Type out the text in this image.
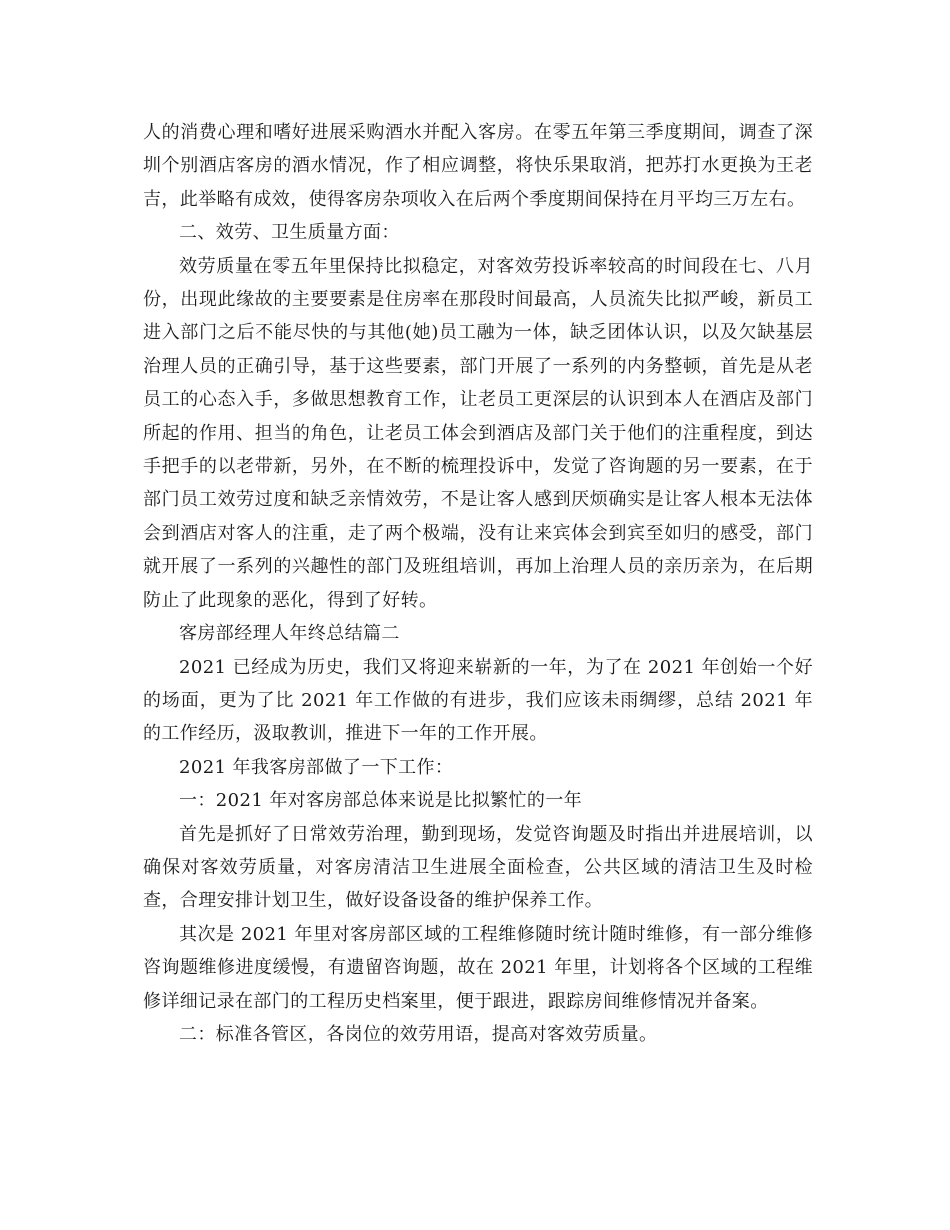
人的消费心理和嗜好进展采购酒水并配入客房。在零五年第三季度期间，调查了深圳个别酒店客房的酒水情况，作了相应调整，将快乐果取消，把苏打水更换为王老吉，此举略有成效，使得客房杂项收入在后两个季度期间保持在月平均三万左右。

二、效劳、卫生质量方面：

效劳质量在零五年里保持比拟稳定，对客效劳投诉率较高的时间段在七、八月份，出现此缘故的主要要素是住房率在那段时间最高，人员流失比拟严峻，新员工进入部门之后不能尽快的与其他(她)员工融为一体，缺乏团体认识，以及欠缺基层治理人员的正确引导，基于这些要素，部门开展了一系列的内务整顿，首先是从老员工的心态入手，多做思想教育工作，让老员工更深层的认识到本人在酒店及部门所起的作用、担当的角色，让老员工体会到酒店及部门关于他们的注重程度，到达手把手的以老带新，另外，在不断的梳理投诉中，发觉了咨询题的另一要素，在于部门员工效劳过度和缺乏亲情效劳，不是让客人感到厌烦确实是让客人根本无法体会到酒店对客人的注重，走了两个极端，没有让来宾体会到宾至如归的感受，部门就开展了一系列的兴趣性的部门及班组培训，再加上治理人员的亲历亲为，在后期防止了此现象的恶化，得到了好转。

客房部经理人年终总结篇二

2021 已经成为历史，我们又将迎来崭新的一年，为了在 2021 年创始一个好的场面，更为了比 2021 年工作做的有进步，我们应该未雨绸缪，总结 2021 年的工作经历，汲取教训，推进下一年的工作开展。

2021 年我客房部做了一下工作：

一：2021 年对客房部总体来说是比拟繁忙的一年

首先是抓好了日常效劳治理，勤到现场，发觉咨询题及时指出并进展培训，以确保对客效劳质量，对客房清洁卫生进展全面检查，公共区域的清洁卫生及时检查，合理安排计划卫生，做好设备设备的维护保养工作。

其次是 2021 年里对客房部区域的工程维修随时统计随时维修，有一部分维修咨询题维修进度缓慢，有遗留咨询题，故在 2021 年里，计划将各个区域的工程维修详细记录在部门的工程历史档案里，便于跟进，跟踪房间维修情况并备案。

二：标准各管区，各岗位的效劳用语，提高对客效劳质量。
